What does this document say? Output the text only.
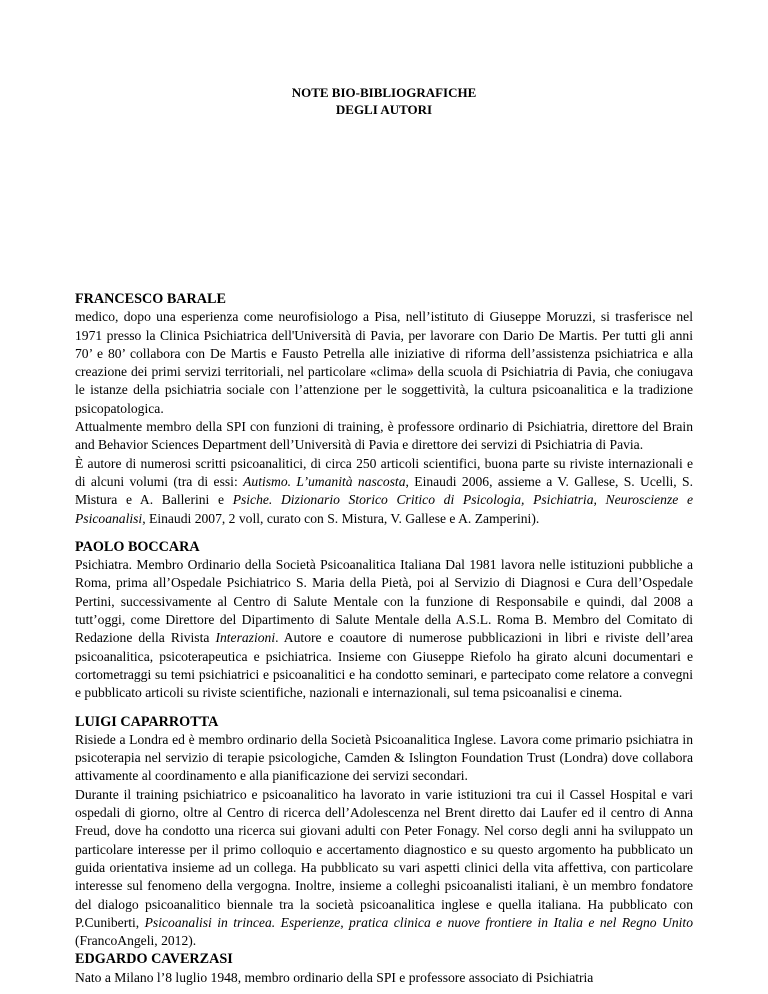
NOTE BIO-BIBLIOGRAFICHE
DEGLI AUTORI
FRANCESCO BARALE

medico, dopo una esperienza come neurofisiologo a Pisa, nell’istituto di Giuseppe Moruzzi, si trasferisce nel 1971 presso la Clinica Psichiatrica dell'Università di Pavia, per lavorare con Dario De Martis. Per tutti gli anni 70’ e 80’ collabora con De Martis e Fausto Petrella alle iniziative di riforma dell’assistenza psichiatrica e alla creazione dei primi servizi territoriali, nel particolare «clima» della scuola di Psichiatria di Pavia, che coniugava le istanze della psichiatria sociale con l’attenzione per le soggettività, la cultura psicoanalitica e la tradizione psicopatologica.

Attualmente membro della SPI con funzioni di training, è professore ordinario di Psichiatria, direttore del Brain and Behavior Sciences Department dell’Università di Pavia e direttore dei servizi di Psichiatria di Pavia.

È autore di numerosi scritti psicoanalitici, di circa 250 articoli scientifici, buona parte su riviste internazionali e di alcuni volumi (tra di essi: Autismo. L’umanità nascosta, Einaudi 2006, assieme a V. Gallese, S. Ucelli, S. Mistura e A. Ballerini e Psiche. Dizionario Storico Critico di Psicologia, Psichiatria, Neuroscienze e Psicoanalisi, Einaudi 2007, 2 voll, curato con S. Mistura, V. Gallese e A. Zamperini).

PAOLO BOCCARA

Psichiatra. Membro Ordinario della Società Psicoanalitica Italiana Dal 1981 lavora nelle istituzioni pubbliche a Roma, prima all’Ospedale Psichiatrico S. Maria della Pietà, poi al Servizio di Diagnosi e Cura dell’Ospedale Pertini, successivamente al Centro di Salute Mentale con la funzione di Responsabile e quindi, dal 2008 a tutt’oggi, come Direttore del Dipartimento di Salute Mentale della A.S.L. Roma B. Membro del Comitato di Redazione della Rivista Interazioni. Autore e coautore di numerose pubblicazioni in libri e riviste dell’area psicoanalitica, psicoterapeutica e psichiatrica. Insieme con Giuseppe Riefolo ha girato alcuni documentari e cortometraggi su temi psichiatrici e psicoanalitici e ha condotto seminari, e partecipato come relatore a convegni e pubblicato articoli su riviste scientifiche, nazionali e internazionali, sul tema psicoanalisi e cinema.

LUIGI CAPARROTTA

Risiede a Londra ed è membro ordinario della Società Psicoanalitica Inglese. Lavora come primario psichiatra in psicoterapia nel servizio di terapie psicologiche, Camden & Islington Foundation Trust (Londra) dove collabora attivamente al coordinamento e alla pianificazione dei servizi secondari.

Durante il training psichiatrico e psicoanalitico ha lavorato in varie istituzioni tra cui il Cassel Hospital e vari ospedali di giorno, oltre al Centro di ricerca dell’Adolescenza nel Brent diretto dai Laufer ed il centro di Anna Freud, dove ha condotto una ricerca sui giovani adulti con Peter Fonagy. Nel corso degli anni ha sviluppato un particolare interesse per il primo colloquio e accertamento diagnostico e su questo argomento ha pubblicato un guida orientativa insieme ad un collega. Ha pubblicato su vari aspetti clinici della vita affettiva, con particolare interesse sul fenomeno della vergogna. Inoltre, insieme a colleghi psicoanalisti italiani, è un membro fondatore del dialogo psicoanalitico biennale tra la società psicoanalitica inglese e quella italiana. Ha pubblicato con P.Cuniberti, Psicoanalisi in trincea. Esperienze, pratica clinica e nuove frontiere in Italia e nel Regno Unito (FrancoAngeli, 2012).

EDGARDO CAVERZASI

Nato a Milano l’8 luglio 1948, membro ordinario della SPI e professore associato di Psichiatria
